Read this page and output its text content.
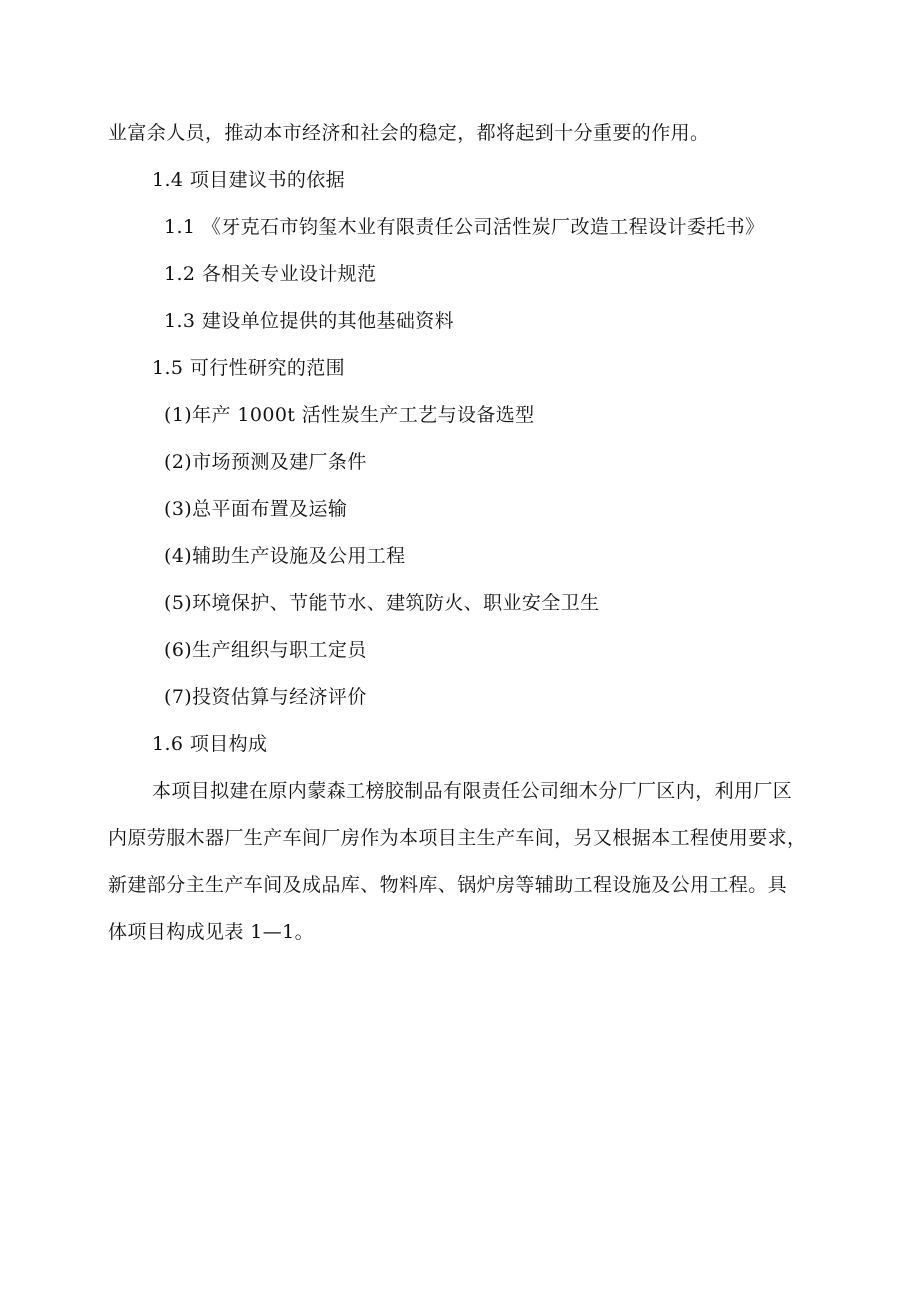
业富余人员，推动本市经济和社会的稳定，都将起到十分重要的作用。
1.4 项目建议书的依据
1.1 《牙克石市钧玺木业有限责任公司活性炭厂改造工程设计委托书》
1.2 各相关专业设计规范
1.3 建设单位提供的其他基础资料
1.5 可行性研究的范围
(1)年产 1000t 活性炭生产工艺与设备选型
(2)市场预测及建厂条件
(3)总平面布置及运输
(4)辅助生产设施及公用工程
(5)环境保护、节能节水、建筑防火、职业安全卫生
(6)生产组织与职工定员
(7)投资估算与经济评价
1.6 项目构成
本项目拟建在原内蒙森工榜胶制品有限责任公司细木分厂厂区内，利用厂区
内原劳服木器厂生产车间厂房作为本项目主生产车间，另又根据本工程使用要求，
新建部分主生产车间及成品库、物料库、锅炉房等辅助工程设施及公用工程。具
体项目构成见表 1—1。
